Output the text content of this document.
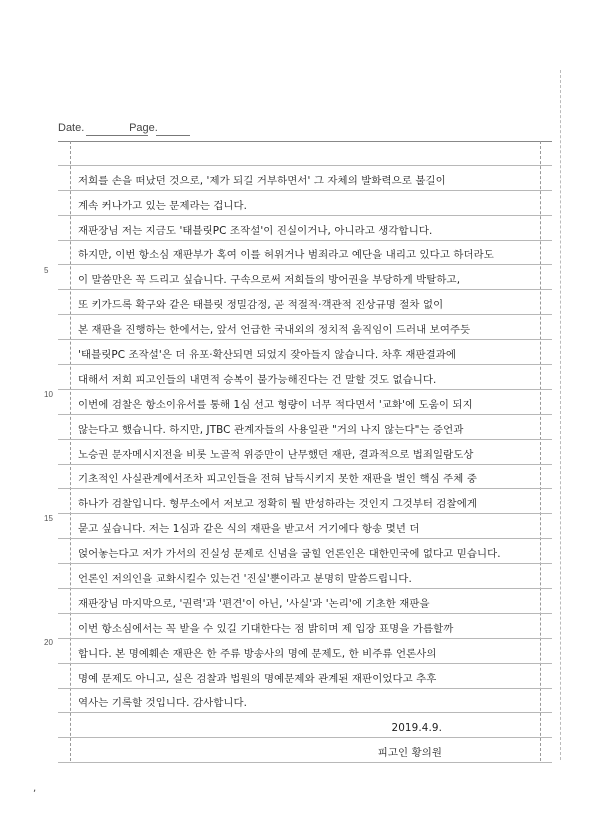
Date.	Page.
저희를 손을 떠났던 것으로, '제가 되길 거부하면서' 그 자체의 발화력으로 불길이
계속 커나가고 있는 문제라는 겁니다.
재판장님 저는 지금도 '태블릿PC 조작설'이 진실이거나, 아니라고 생각합니다.
하지만, 이번 항소심 재판부가 혹여 이를 허위거나 범죄라고 예단을 내리고 있다고 하더라도
이 말씀만은 꼭 드리고 싶습니다. 구속으로써 저희들의 방어권을 부당하게 박탈하고,
또 키가드록 확구와 같은 태블릿 정밀감정, 곧 적절적·객관적 진상규명 절차 없이
본 재판을 진행하는 한에서는, 앞서 언급한 국내외의 정치적 움직임이 드러내 보여주듯
'태블릿PC 조작설'은 더 유포·확산되면 되었지 잦아들지 않습니다. 차후 재판결과에
대해서 저희 피고인들의 내면적 승복이 불가능해진다는 건 말할 것도 없습니다.
이번에 검찰은 항소이유서를 통해 1심 선고 형량이 너무 적다면서 '교화'에 도움이 되지
않는다고 했습니다. 하지만, JTBC 관계자들의 사용일관 "거의 나지 않는다"는 증언과
노승권 문자메시지전을 비롯 노골적 위증만이 난무했던 재판, 결과적으로 법죄일람도상
기초적인 사실관계에서조차 피고인들을 전혀 납득시키지 못한 재판을 벌인 핵심 주체 중
하나가 검찰입니다. 형무소에서 저보고 정확히 뭘 반성하라는 것인지 그것부터 검찰에게
묻고 싶습니다. 저는 1심과 같은 식의 재판을 받고서 거기에다 항송 몇년 더
얹어놓는다고 저가 가서의 진실성 문제로 신념을 굽힐 언론인은 대한민국에 없다고 믿습니다.
언론인 저의인을 교화시킬수 있는건 '진실'뿐이라고 분명히 말씀드립니다.
재판장님 마지막으로, '권력'과 '편견'이 아닌, '사실'과 '논리'에 기초한 재판을
이번 항소심에서는 꼭 받을 수 있길 기대한다는 점 밝히며 제 입장 표명을 가름할까
합니다. 본 명예훼손 재판은 한 주류 방송사의 명예 문제도, 한 비주류 언론사의
명예 문제도 아니고, 실은 검찰과 법원의 명예문제와 관계된 재판이었다고 추후
역사는 기록할 것입니다. 감사합니다.
2019.4.9.
피고인 황의원
5
10
15
20
,
